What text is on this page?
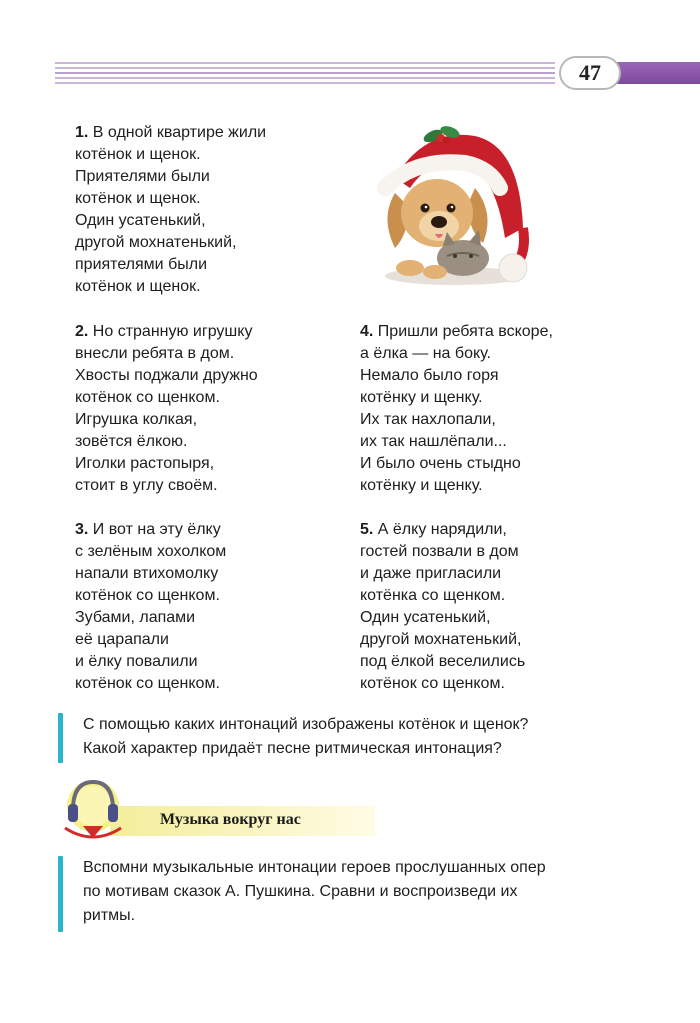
47
1. В одной квартире жили
котёнок и щенок.
Приятелями были
котёнок и щенок.
Один усатенький,
другой мохнатенький,
приятелями были
котёнок и щенок.
2. Но странную игрушку
внесли ребята в дом.
Хвосты поджали дружно
котёнок со щенком.
Игрушка колкая,
зовётся ёлкою.
Иголки растопыря,
стоит в углу своём.
3. И вот на эту ёлку
с зелёным хохолком
напали втихомолку
котёнок со щенком.
Зубами, лапами
её царапали
и ёлку повалили
котёнок со щенком.
4. Пришли ребята вскоре,
а ёлка — на боку.
Немало было горя
котёнку и щенку.
Их так нахлопали,
их так нашлёпали...
И было очень стыдно
котёнку и щенку.
5. А ёлку нарядили,
гостей позвали в дом
и даже пригласили
котёнка со щенком.
Один усатенький,
другой мохнатенький,
под ёлкой веселились
котёнок со щенком.
С помощью каких интонаций изображены котёнок и щенок?
Какой характер придаёт песне ритмическая интонация?
Музыка вокруг нас
Вспомни музыкальные интонации героев прослушанных опер
по мотивам сказок А. Пушкина. Сравни и воспроизведи их
ритмы.
